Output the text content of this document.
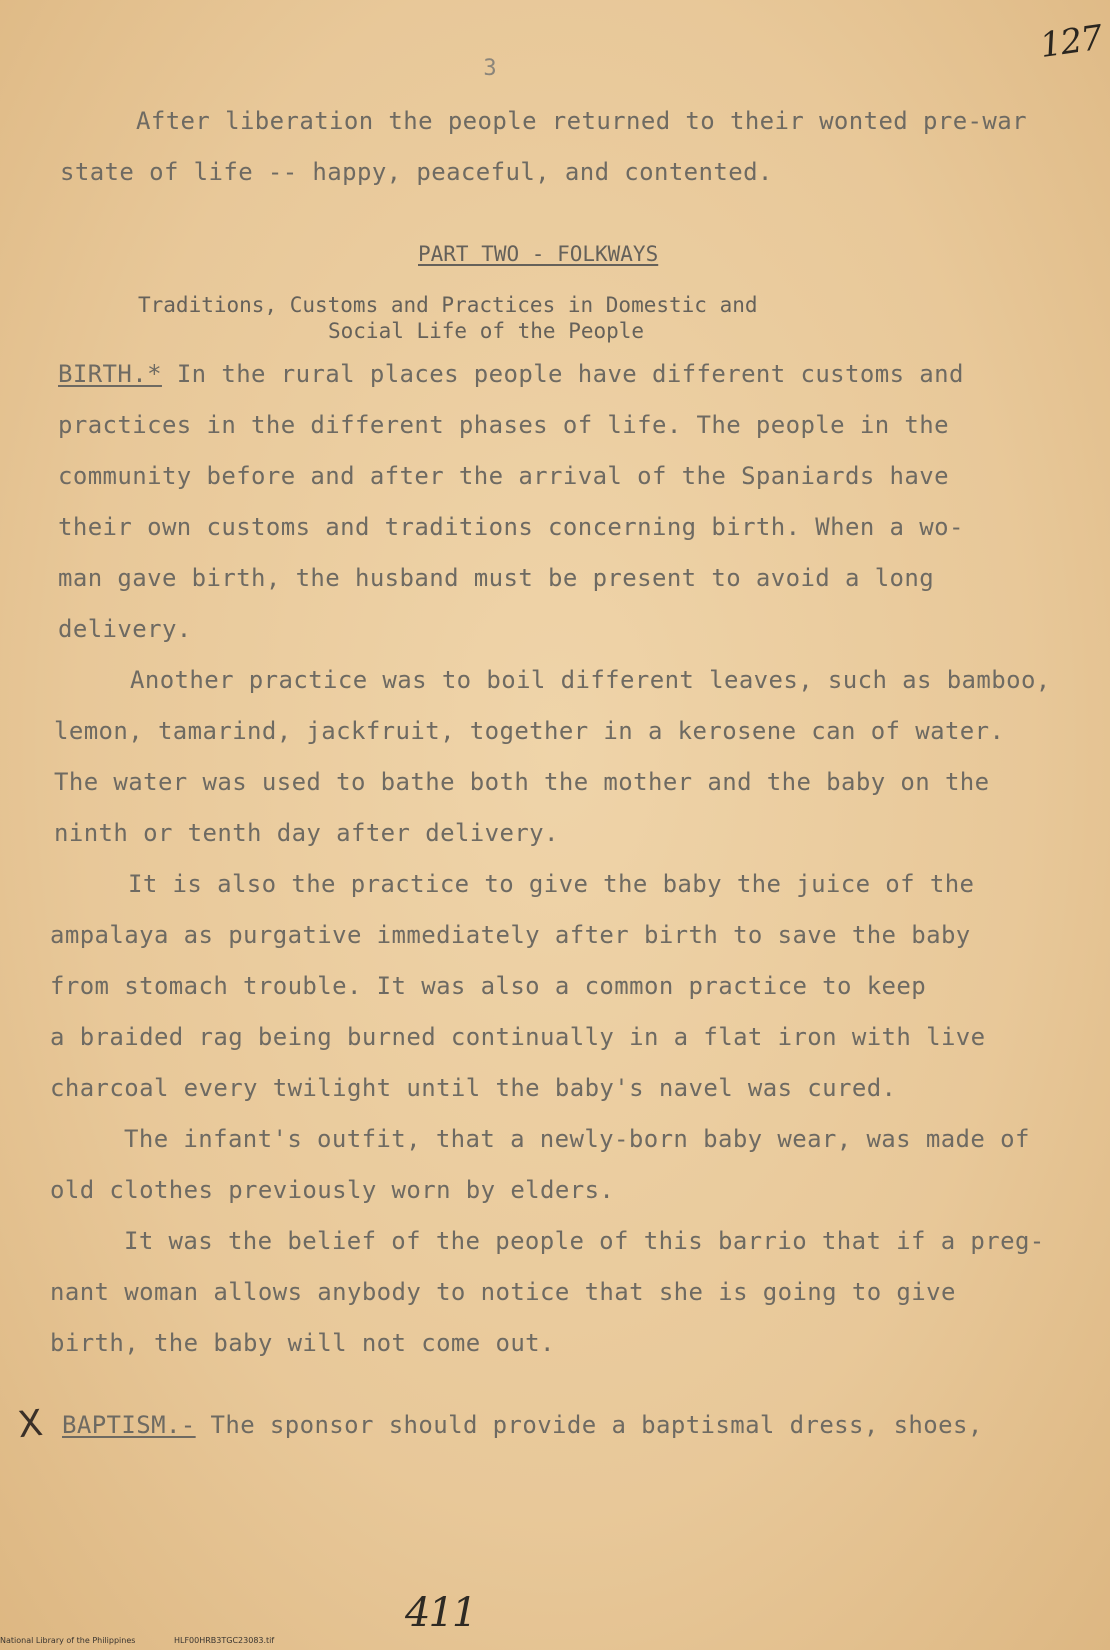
127
3
After liberation the people returned to their wonted pre-war
state of life -- happy, peaceful, and contented.
PART TWO - FOLKWAYS
Traditions, Customs and Practices in Domestic and
Social Life of the People
BIRTH.* In the rural places people have different customs and
practices in the different phases of life. The people in the
community before and after the arrival of the Spaniards have
their own customs and traditions concerning birth. When a wo-
man gave birth, the husband must be present to avoid a long
delivery.
Another practice was to boil different leaves, such as bamboo,
lemon, tamarind, jackfruit, together in a kerosene can of water.
The water was used to bathe both the mother and the baby on the
ninth or tenth day after delivery.
It is also the practice to give the baby the juice of the
ampalaya as purgative immediately after birth to save the baby
from stomach trouble. It was also a common practice to keep
a braided rag being burned continually in a flat iron with live
charcoal every twilight until the baby's navel was cured.
The infant's outfit, that a newly-born baby wear, was made of
old clothes previously worn by elders.
It was the belief of the people of this barrio that if a preg-
nant woman allows anybody to notice that she is going to give
birth, the baby will not come out.
X BAPTISM.- The sponsor should provide a baptismal dress, shoes,
411
National Library of the Philippines	HLF00HRB3TGC23083.tif
